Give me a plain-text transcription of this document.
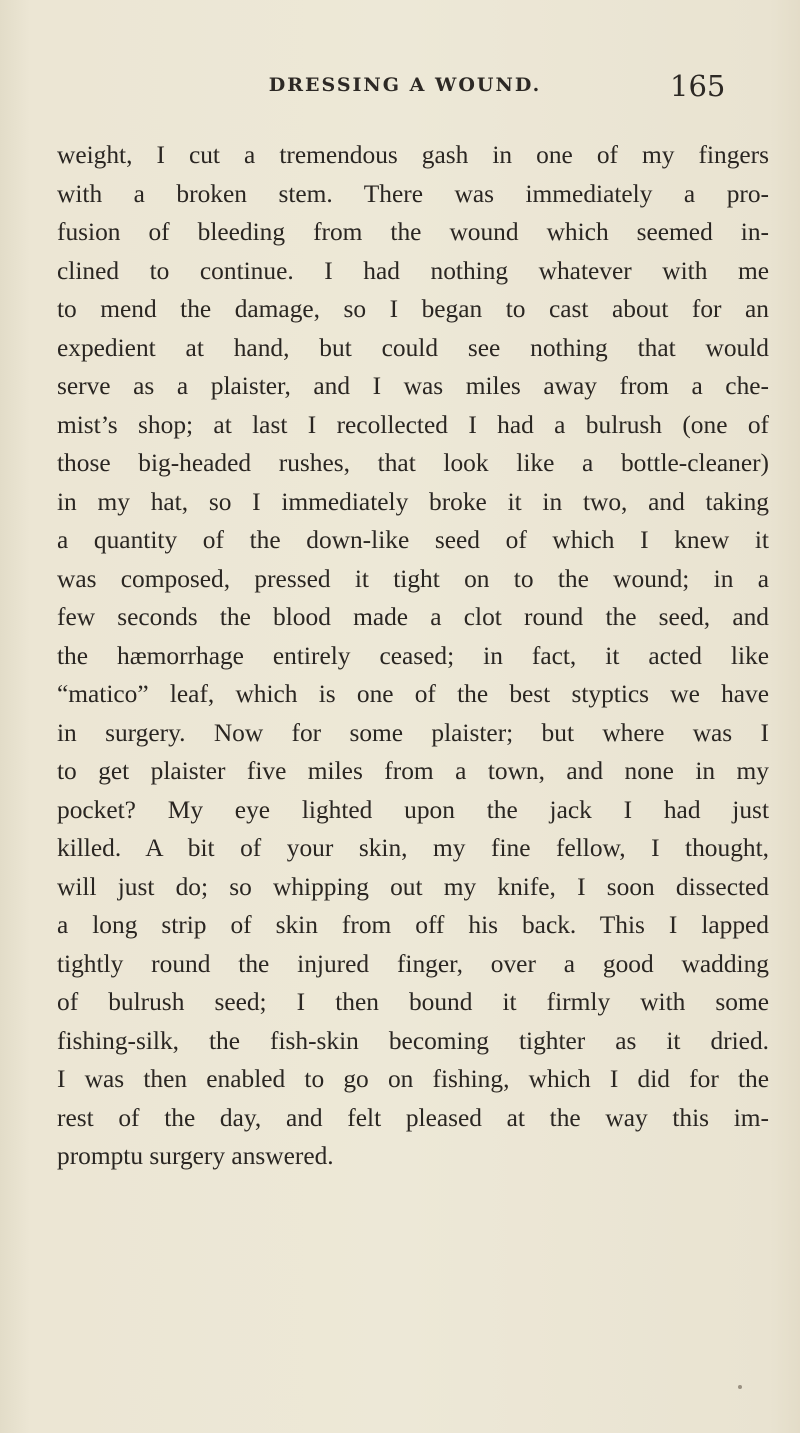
DRESSING A WOUND.	165
weight, I cut a tremendous gash in one of my fingers
with a broken stem. There was immediately a pro-
fusion of bleeding from the wound which seemed in-
clined to continue. I had nothing whatever with me
to mend the damage, so I began to cast about for an
expedient at hand, but could see nothing that would
serve as a plaister, and I was miles away from a che-
mist’s shop; at last I recollected I had a bulrush (one of
those big-headed rushes, that look like a bottle-cleaner)
in my hat, so I immediately broke it in two, and taking
a quantity of the down-like seed of which I knew it
was composed, pressed it tight on to the wound; in a
few seconds the blood made a clot round the seed, and
the hæmorrhage entirely ceased; in fact, it acted like
“matico” leaf, which is one of the best styptics we have
in surgery. Now for some plaister; but where was I
to get plaister five miles from a town, and none in my
pocket? My eye lighted upon the jack I had just
killed. A bit of your skin, my fine fellow, I thought,
will just do; so whipping out my knife, I soon dissected
a long strip of skin from off his back. This I lapped
tightly round the injured finger, over a good wadding
of bulrush seed; I then bound it firmly with some
fishing-silk, the fish-skin becoming tighter as it dried.
I was then enabled to go on fishing, which I did for the
rest of the day, and felt pleased at the way this im-
promptu surgery answered.
